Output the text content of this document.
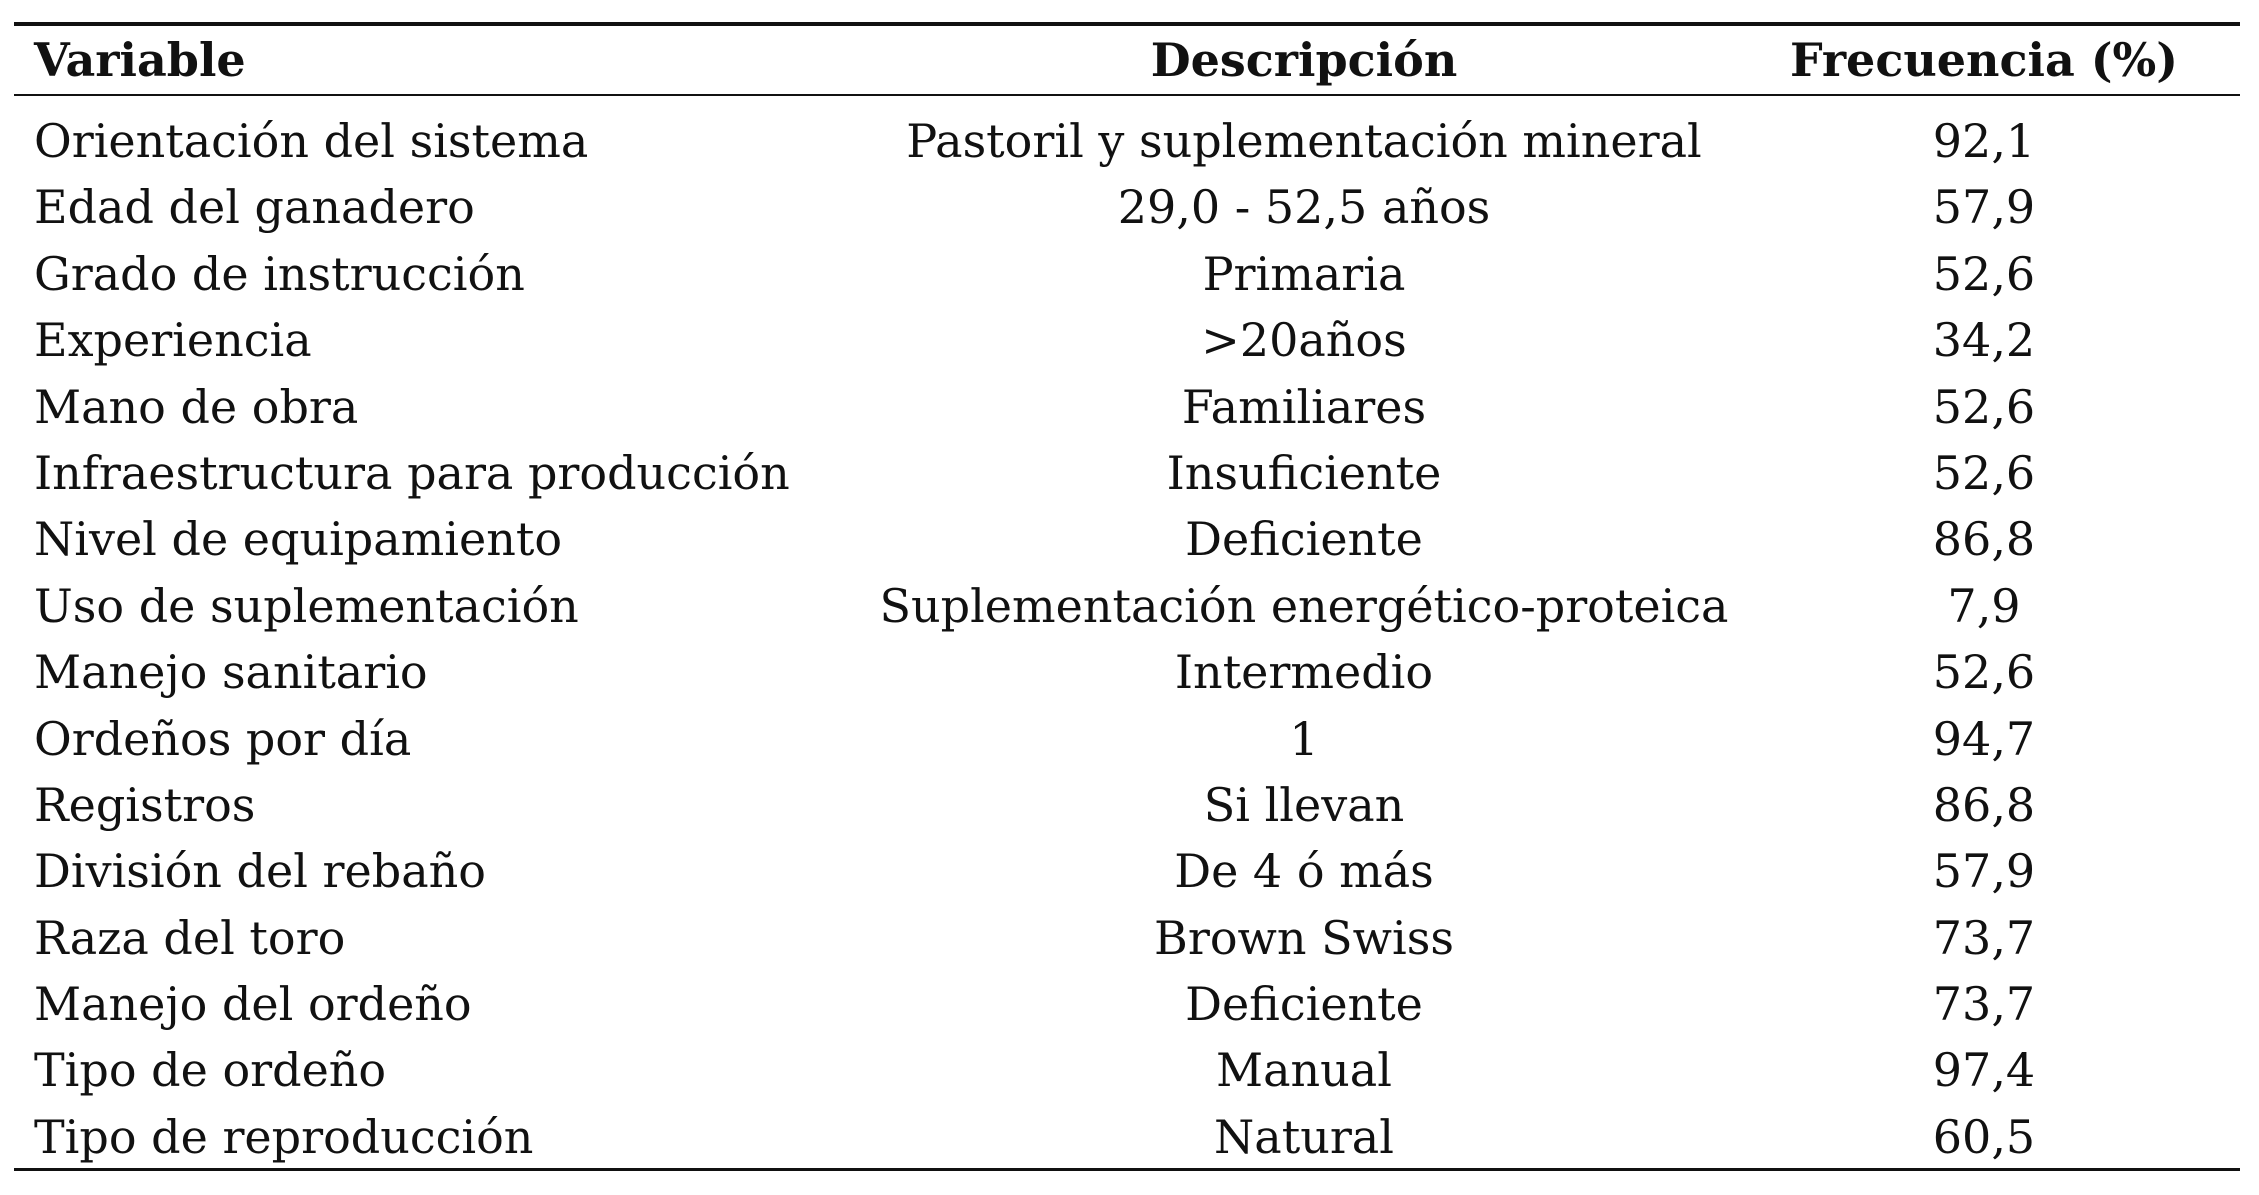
Variable	Descripción	Frecuencia (%)
Orientación del sistema	Pastoril y suplementación mineral	92,1
Edad del ganadero	29,0 - 52,5 años	57,9
Grado de instrucción	Primaria	52,6
Experiencia	>20años	34,2
Mano de obra	Familiares	52,6
Infraestructura para producción	Insuficiente	52,6
Nivel de equipamiento	Deficiente	86,8
Uso de suplementación	Suplementación energético-proteica	7,9
Manejo sanitario	Intermedio	52,6
Ordeños por día	1	94,7
Registros	Si llevan	86,8
División del rebaño	De 4 ó más	57,9
Raza del toro	Brown Swiss	73,7
Manejo del ordeño	Deficiente	73,7
Tipo de ordeño	Manual	97,4
Tipo de reproducción	Natural	60,5
